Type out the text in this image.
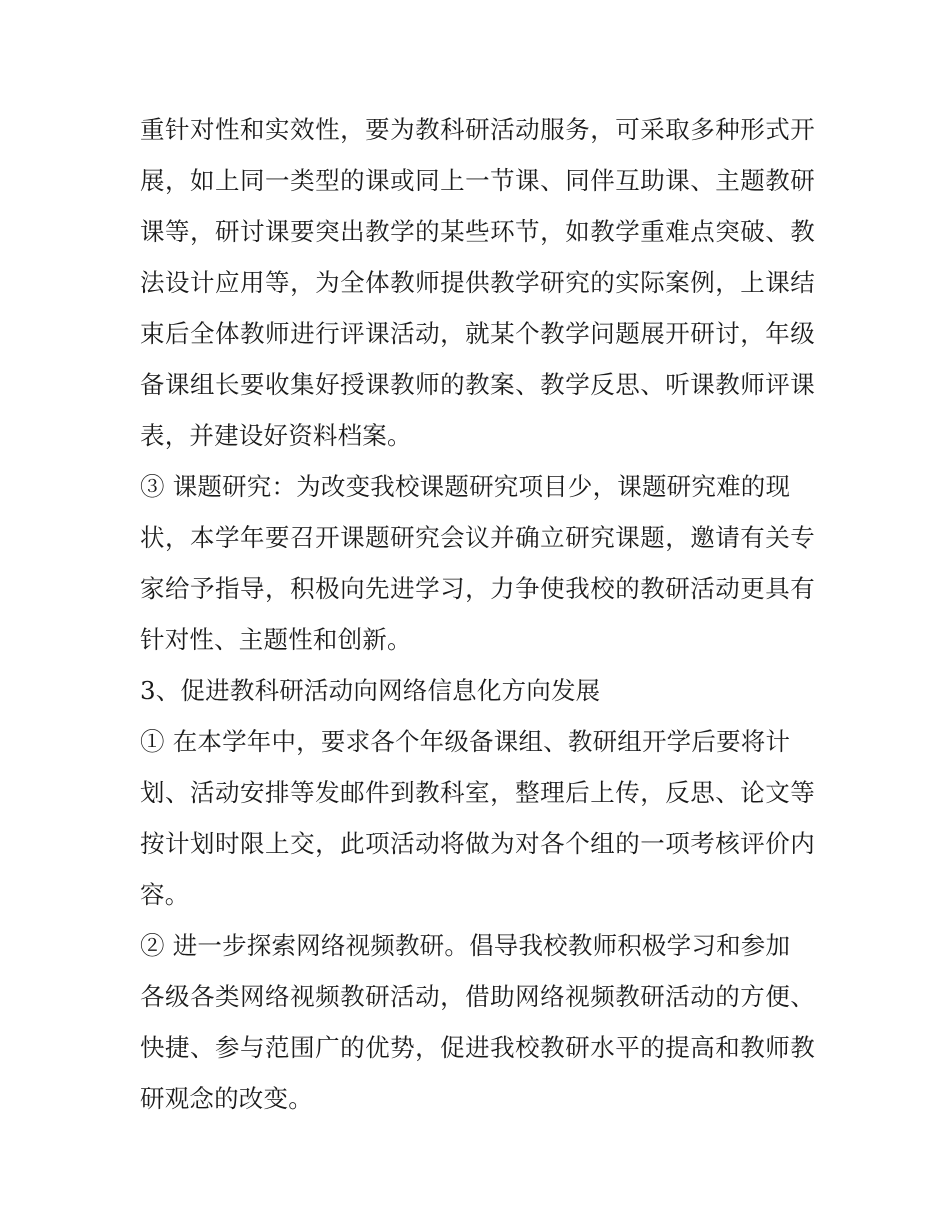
重针对性和实效性，要为教科研活动服务，可采取多种形式开
展，如上同一类型的课或同上一节课、同伴互助课、主题教研
课等，研讨课要突出教学的某些环节，如教学重难点突破、教
法设计应用等，为全体教师提供教学研究的实际案例，上课结
束后全体教师进行评课活动，就某个教学问题展开研讨，年级
备课组长要收集好授课教师的教案、教学反思、听课教师评课
表，并建设好资料档案。
③ 课题研究：为改变我校课题研究项目少，课题研究难的现
状，本学年要召开课题研究会议并确立研究课题，邀请有关专
家给予指导，积极向先进学习，力争使我校的教研活动更具有
针对性、主题性和创新。
3、促进教科研活动向网络信息化方向发展
① 在本学年中，要求各个年级备课组、教研组开学后要将计
划、活动安排等发邮件到教科室，整理后上传，反思、论文等
按计划时限上交，此项活动将做为对各个组的一项考核评价内
容。
② 进一步探索网络视频教研。倡导我校教师积极学习和参加
各级各类网络视频教研活动，借助网络视频教研活动的方便、
快捷、参与范围广的优势，促进我校教研水平的提高和教师教
研观念的改变。
